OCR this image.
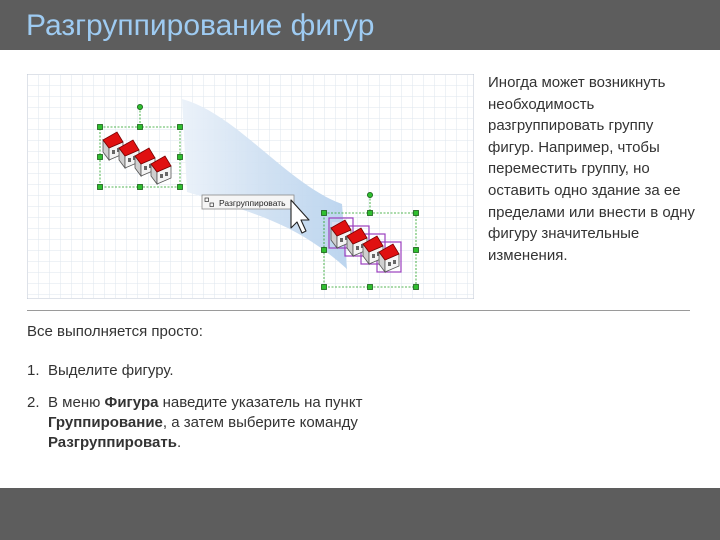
Разгруппирование фигур
Разгруппировать
Иногда может возникнуть необходимость разгруппировать группу фигур. Например, чтобы переместить группу, но оставить одно здание за ее пределами или внести в одну фигуру значительные изменения.

Все выполняется просто:

1. Выделите фигуру.
2. В меню Фигура наведите указатель на пункт Группирование, а затем выберите команду Разгруппировать.
